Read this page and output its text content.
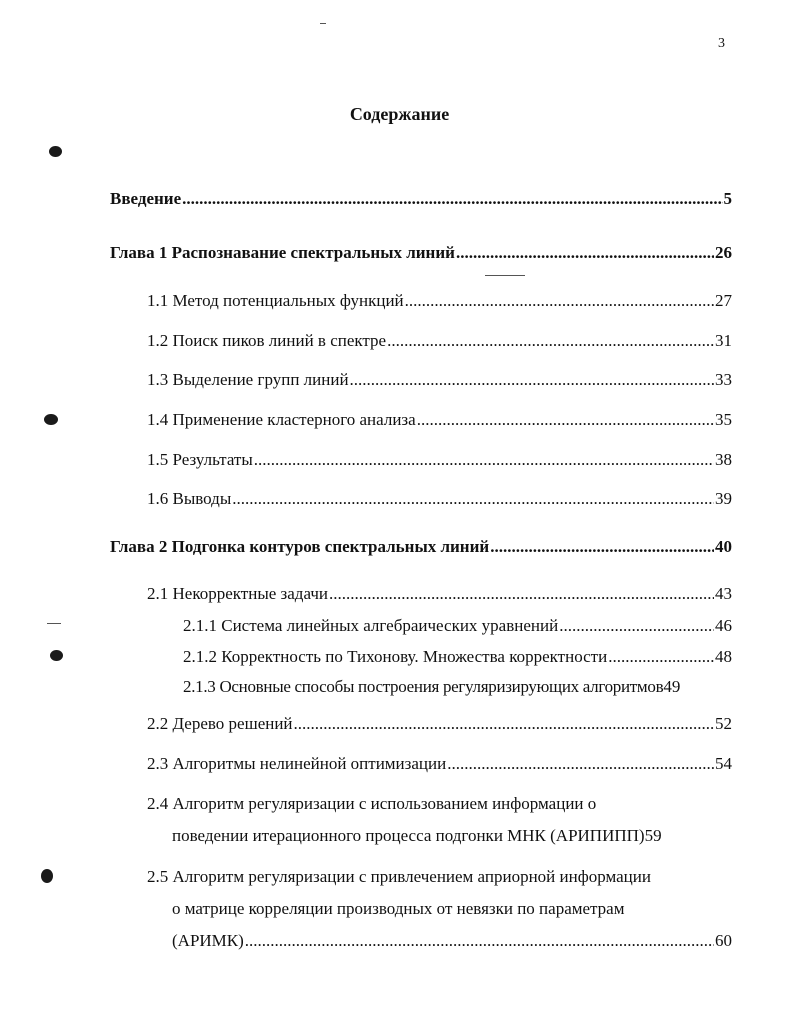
3
Содержание
Введение .....	5
Глава 1 Распознавание спектральных линий .....	26
1.1 Метод потенциальных функций .....	27
1.2 Поиск пиков линий в спектре .....	31
1.3 Выделение групп линий .....	33
1.4 Применение кластерного анализа .....	35
1.5 Результаты .....	38
1.6 Выводы .....	39
Глава 2 Подгонка контуров спектральных линий .....	40
2.1 Некорректные задачи .....	43
2.1.1 Система линейных алгебраических уравнений .....	46
2.1.2 Корректность по Тихонову. Множества корректности .....	48
2.1.3 Основные способы построения регуляризирующих алгоритмов 49
2.2 Дерево решений .....	52
2.3 Алгоритмы нелинейной оптимизации .....	54
2.4 Алгоритм регуляризации с использованием информации о
поведении итерационного процесса подгонки МНК (АРИПИПП) 59
2.5 Алгоритм регуляризации с привлечением априорной информации
о матрице корреляции производных от невязки по параметрам
(АРИМК) .....	60
